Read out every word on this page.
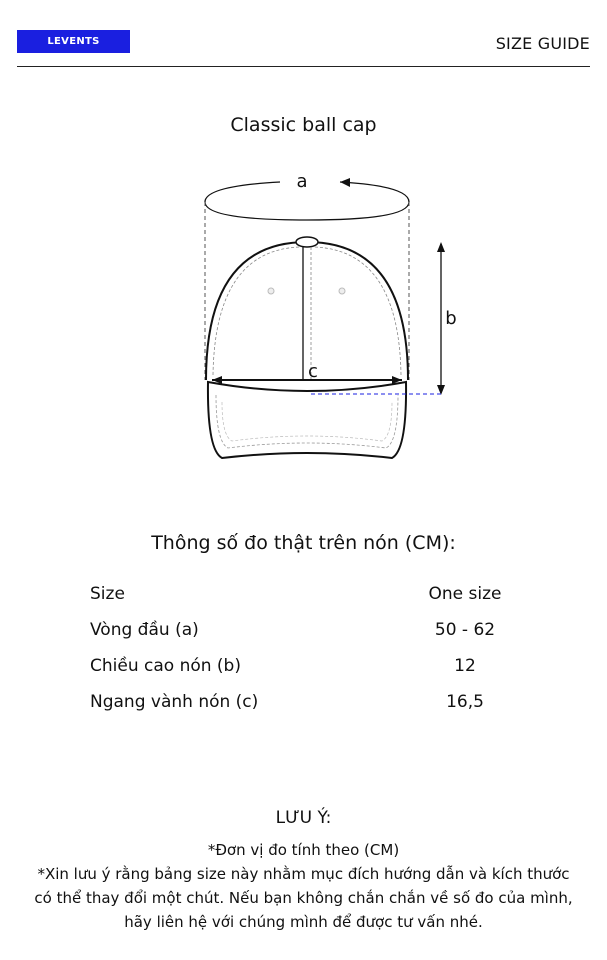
LEVENTS	SIZE GUIDE
Classic ball cap
a
b
c
Thông số đo thật trên nón (CM):
Size	One size
Vòng đầu (a)	50 - 62
Chiều cao nón (b)	12
Ngang vành nón (c)	16,5
LƯU Ý:
*Đơn vị đo tính theo (CM)
*Xin lưu ý rằng bảng size này nhằm mục đích hướng dẫn và kích thước có thể thay đổi một chút. Nếu bạn không chắn chắn về số đo của mình, hãy liên hệ với chúng mình để được tư vấn nhé.
